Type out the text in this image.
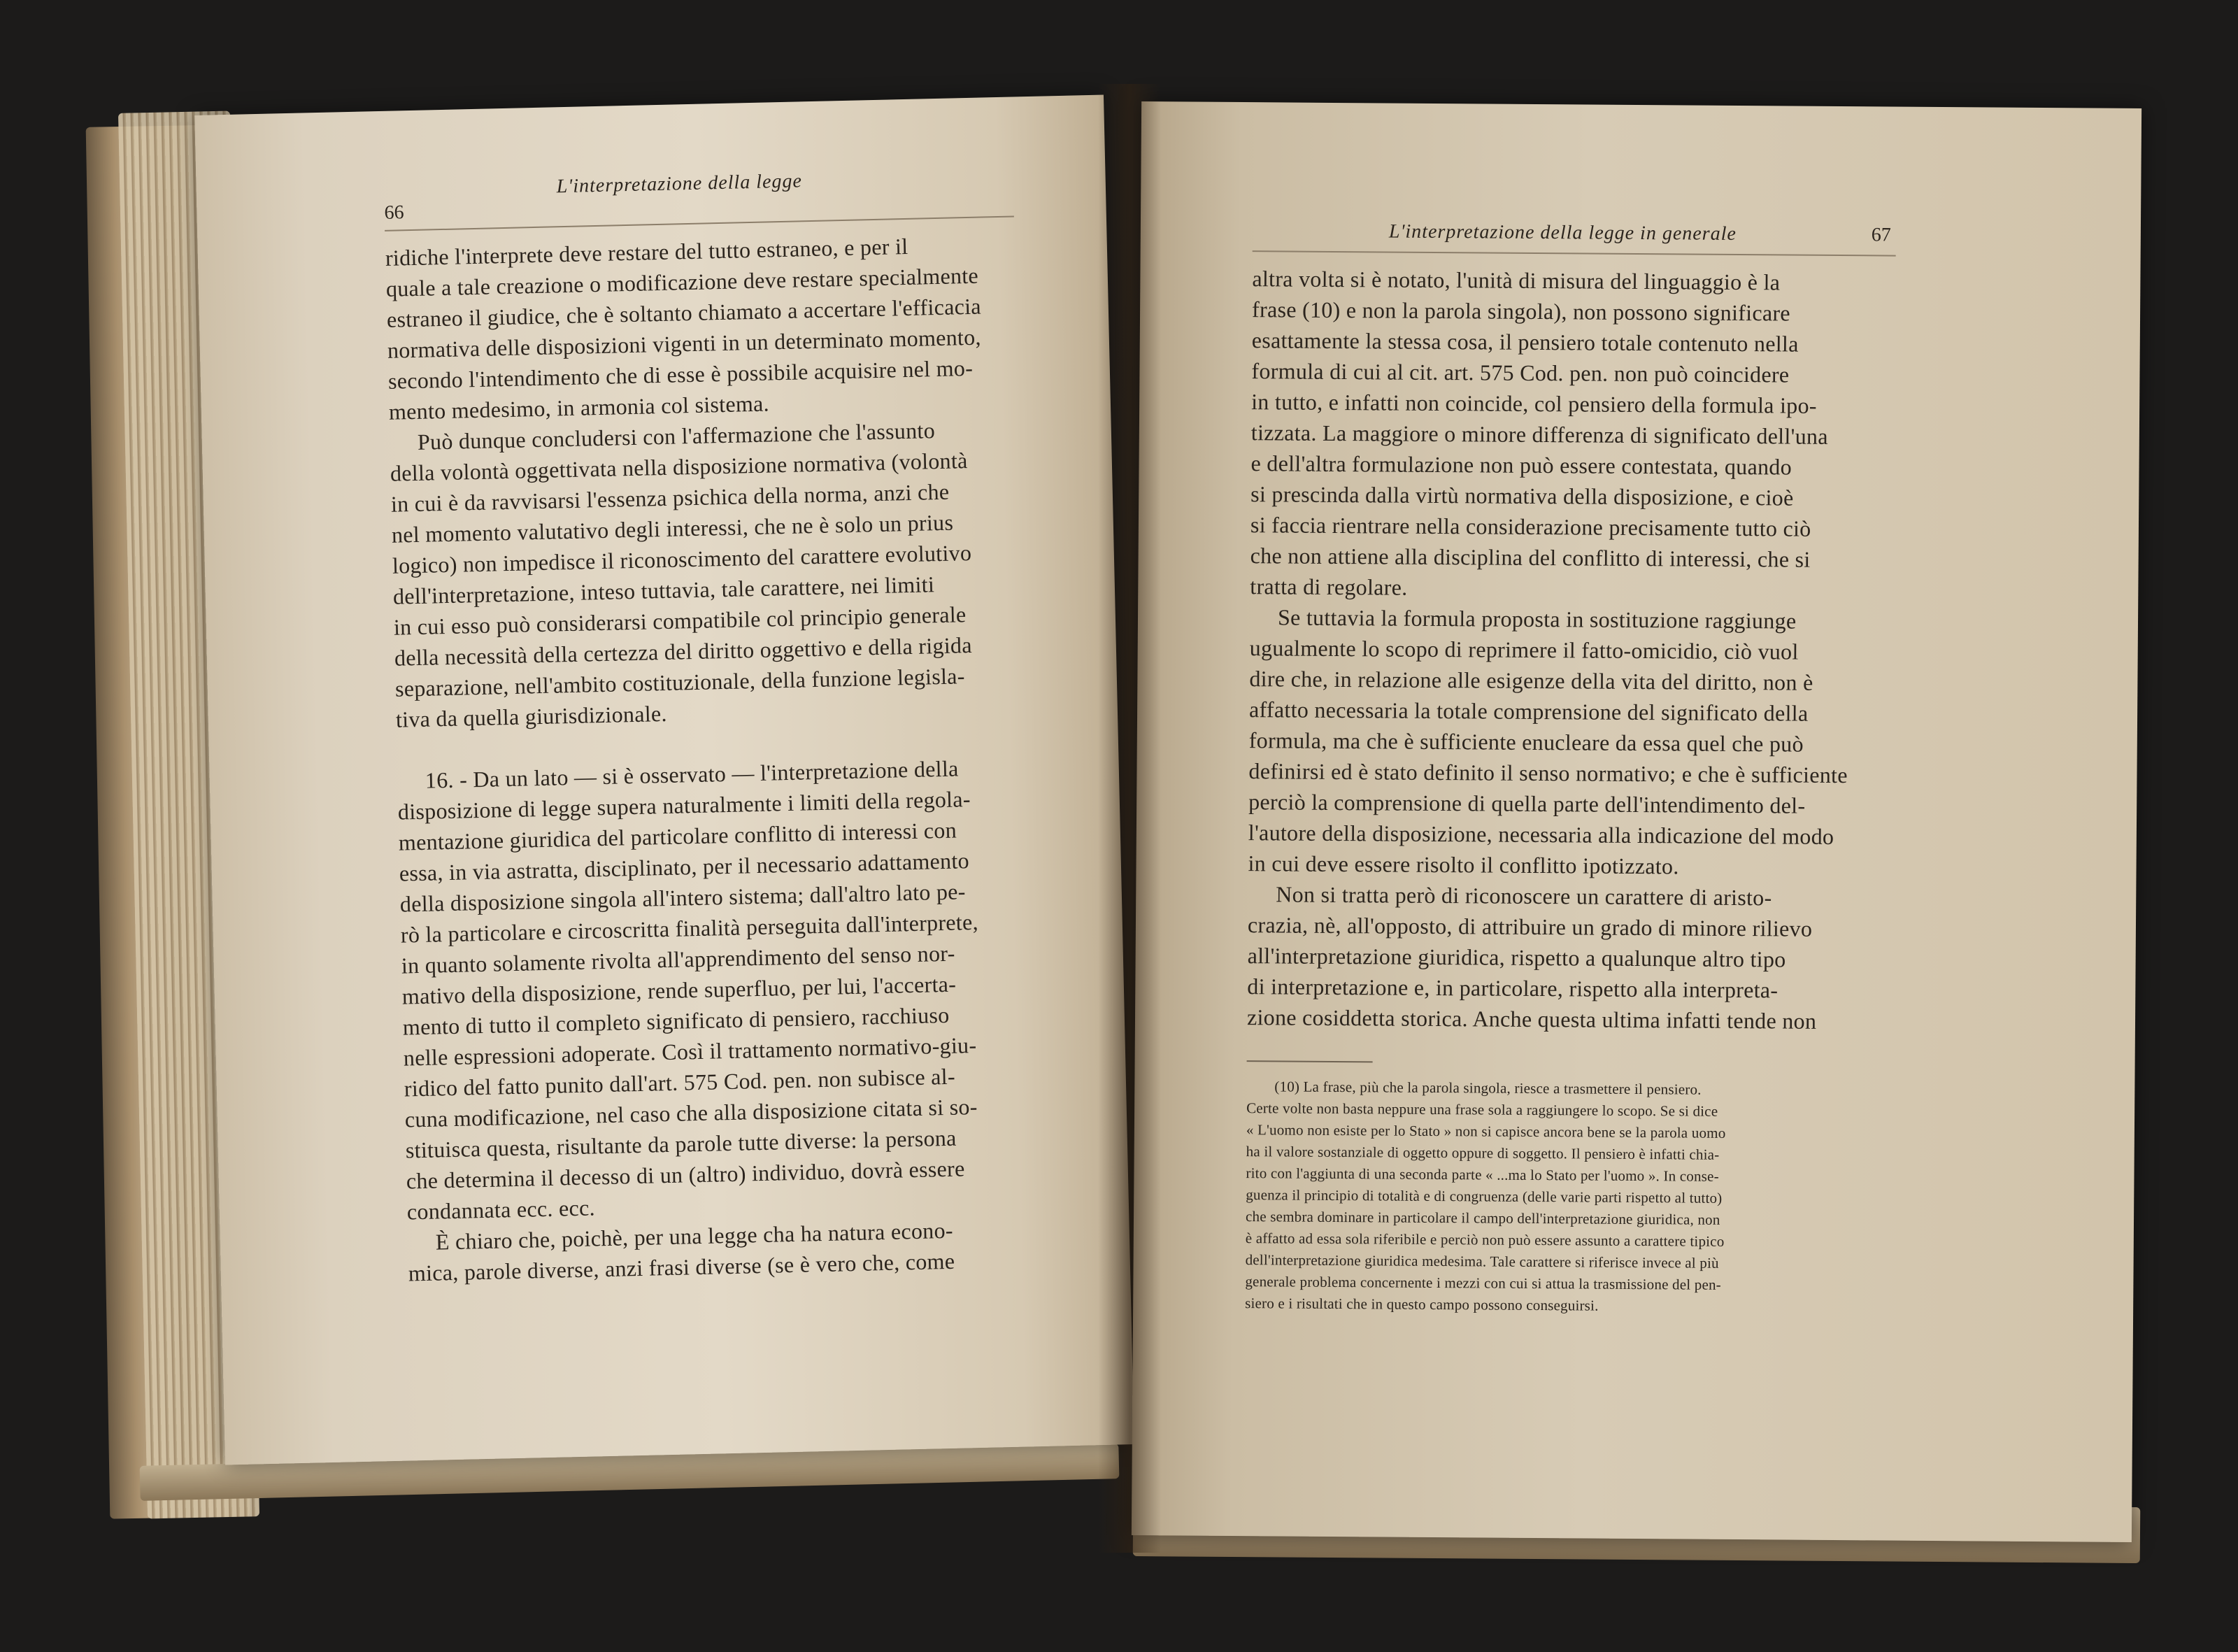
66
L'interpretazione della legge
ridiche l'interprete deve restare del tutto estraneo, e per il
quale a tale creazione o modificazione deve restare specialmente
estraneo il giudice, che è soltanto chiamato a accertare l'efficacia
normativa delle disposizioni vigenti in un determinato momento,
secondo l'intendimento che di esse è possibile acquisire nel mo-
mento medesimo, in armonia col sistema.
Può dunque concludersi con l'affermazione che l'assunto
della volontà oggettivata nella disposizione normativa (volontà
in cui è da ravvisarsi l'essenza psichica della norma, anzi che
nel momento valutativo degli interessi, che ne è solo un prius
logico) non impedisce il riconoscimento del carattere evolutivo
dell'interpretazione, inteso tuttavia, tale carattere, nei limiti
in cui esso può considerarsi compatibile col principio generale
della necessità della certezza del diritto oggettivo e della rigida
separazione, nell'ambito costituzionale, della funzione legisla-
tiva da quella giurisdizionale.
16. - Da un lato — si è osservato — l'interpretazione della
disposizione di legge supera naturalmente i limiti della regola-
mentazione giuridica del particolare conflitto di interessi con
essa, in via astratta, disciplinato, per il necessario adattamento
della disposizione singola all'intero sistema; dall'altro lato pe-
rò la particolare e circoscritta finalità perseguita dall'interprete,
in quanto solamente rivolta all'apprendimento del senso nor-
mativo della disposizione, rende superfluo, per lui, l'accerta-
mento di tutto il completo significato di pensiero, racchiuso
nelle espressioni adoperate. Così il trattamento normativo-giu-
ridico del fatto punito dall'art. 575 Cod. pen. non subisce al-
cuna modificazione, nel caso che alla disposizione citata si so-
stituisca questa, risultante da parole tutte diverse: la persona
che determina il decesso di un (altro) individuo, dovrà essere
condannata ecc. ecc.
È chiaro che, poichè, per una legge cha ha natura econo-
mica, parole diverse, anzi frasi diverse (se è vero che, come
L'interpretazione della legge in generale	67
altra volta si è notato, l'unità di misura del linguaggio è la
frase (10) e non la parola singola), non possono significare
esattamente la stessa cosa, il pensiero totale contenuto nella
formula di cui al cit. art. 575 Cod. pen. non può coincidere
in tutto, e infatti non coincide, col pensiero della formula ipo-
tizzata. La maggiore o minore differenza di significato dell'una
e dell'altra formulazione non può essere contestata, quando
si prescinda dalla virtù normativa della disposizione, e cioè
si faccia rientrare nella considerazione precisamente tutto ciò
che non attiene alla disciplina del conflitto di interessi, che si
tratta di regolare.
Se tuttavia la formula proposta in sostituzione raggiunge
ugualmente lo scopo di reprimere il fatto-omicidio, ciò vuol
dire che, in relazione alle esigenze della vita del diritto, non è
affatto necessaria la totale comprensione del significato della
formula, ma che è sufficiente enucleare da essa quel che può
definirsi ed è stato definito il senso normativo; e che è sufficiente
perciò la comprensione di quella parte dell'intendimento del-
l'autore della disposizione, necessaria alla indicazione del modo
in cui deve essere risolto il conflitto ipotizzato.
Non si tratta però di riconoscere un carattere di aristo-
crazia, nè, all'opposto, di attribuire un grado di minore rilievo
all'interpretazione giuridica, rispetto a qualunque altro tipo
di interpretazione e, in particolare, rispetto alla interpreta-
zione cosiddetta storica. Anche questa ultima infatti tende non
(10) La frase, più che la parola singola, riesce a trasmettere il pensiero.
Certe volte non basta neppure una frase sola a raggiungere lo scopo. Se si dice
« L'uomo non esiste per lo Stato » non si capisce ancora bene se la parola uomo
ha il valore sostanziale di oggetto oppure di soggetto. Il pensiero è infatti chia-
rito con l'aggiunta di una seconda parte « ...ma lo Stato per l'uomo ». In conse-
guenza il principio di totalità e di congruenza (delle varie parti rispetto al tutto)
che sembra dominare in particolare il campo dell'interpretazione giuridica, non
è affatto ad essa sola riferibile e perciò non può essere assunto a carattere tipico
dell'interpretazione giuridica medesima. Tale carattere si riferisce invece al più
generale problema concernente i mezzi con cui si attua la trasmissione del pen-
siero e i risultati che in questo campo possono conseguirsi.
